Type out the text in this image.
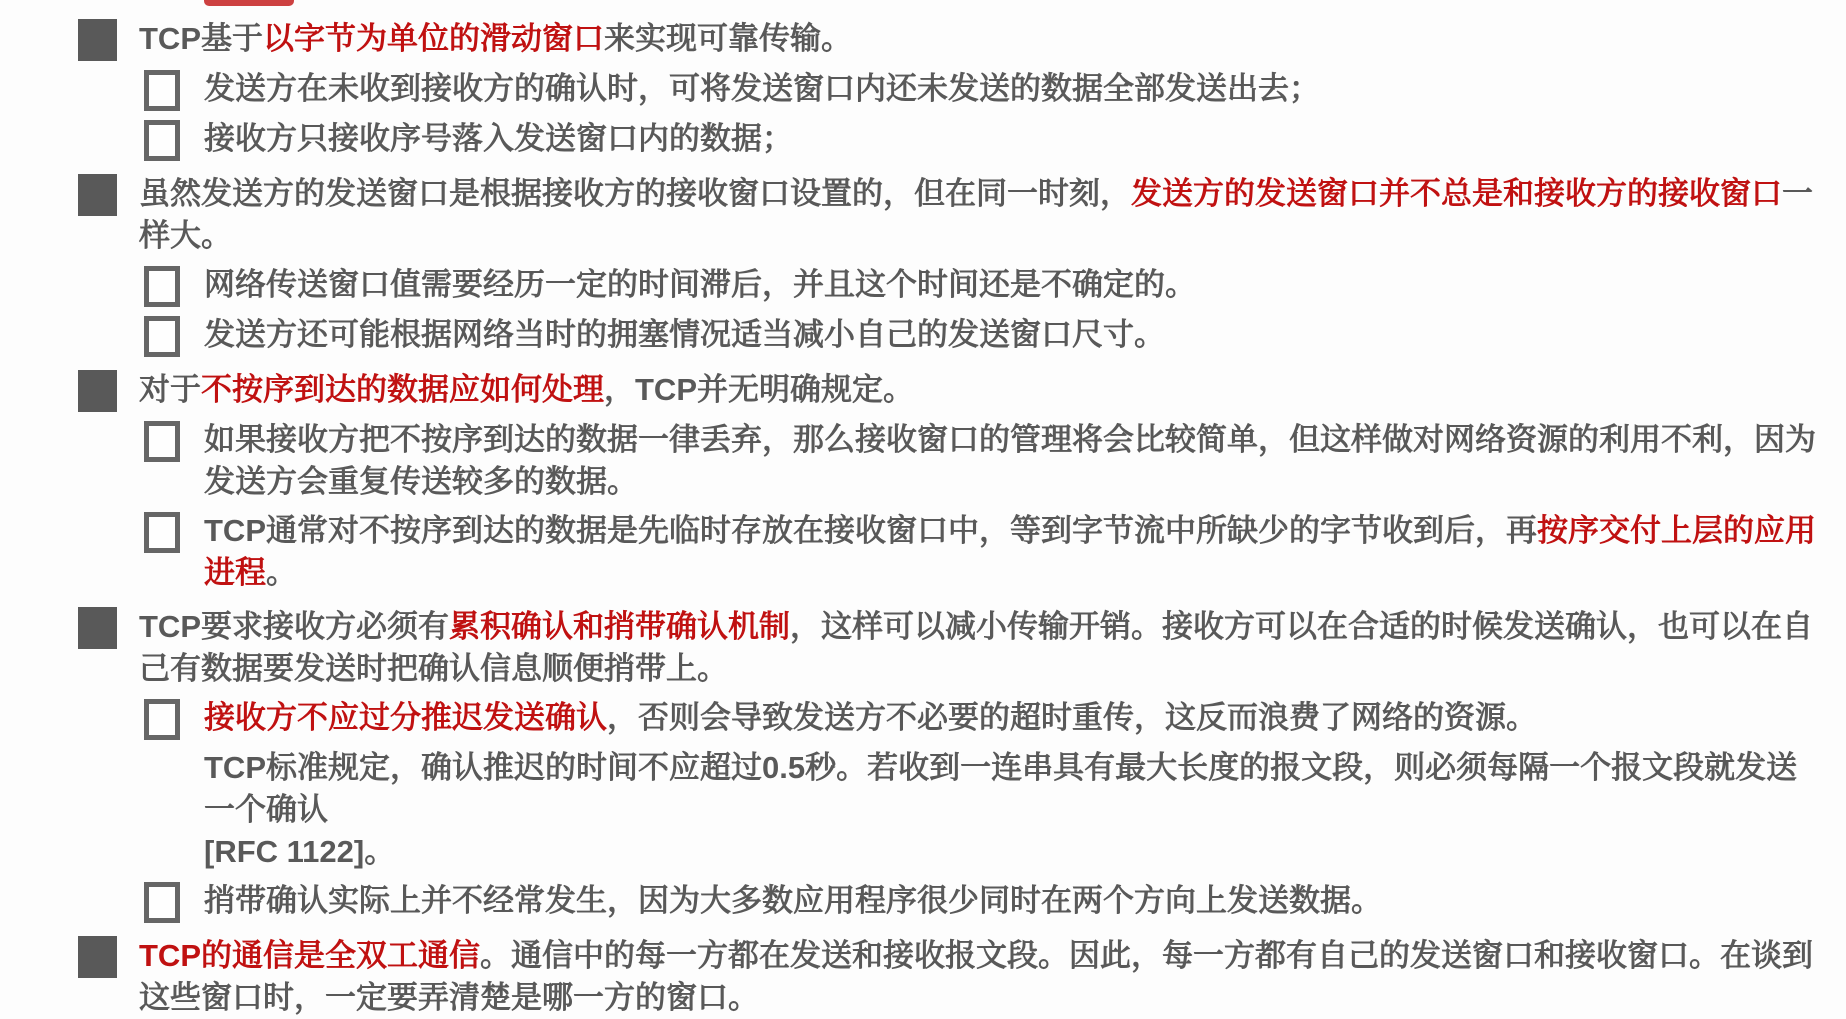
TCP基于以字节为单位的滑动窗口来实现可靠传输。
发送方在未收到接收方的确认时，可将发送窗口内还未发送的数据全部发送出去；
接收方只接收序号落入发送窗口内的数据；
虽然发送方的发送窗口是根据接收方的接收窗口设置的，但在同一时刻，发送方的发送窗口并不总是和接收方的接收窗口一样大。
网络传送窗口值需要经历一定的时间滞后，并且这个时间还是不确定的。
发送方还可能根据网络当时的拥塞情况适当减小自己的发送窗口尺寸。
对于不按序到达的数据应如何处理，TCP并无明确规定。
如果接收方把不按序到达的数据一律丢弃，那么接收窗口的管理将会比较简单，但这样做对网络资源的利用不利，因为发送方会重复传送较多的数据。
TCP通常对不按序到达的数据是先临时存放在接收窗口中，等到字节流中所缺少的字节收到后，再按序交付上层的应用进程。
TCP要求接收方必须有累积确认和捎带确认机制，这样可以减小传输开销。接收方可以在合适的时候发送确认，也可以在自己有数据要发送时把确认信息顺便捎带上。
接收方不应过分推迟发送确认，否则会导致发送方不必要的超时重传，这反而浪费了网络的资源。
TCP标准规定，确认推迟的时间不应超过0.5秒。若收到一连串具有最大长度的报文段，则必须每隔一个报文段就发送一个确认
[RFC 1122]。
捎带确认实际上并不经常发生，因为大多数应用程序很少同时在两个方向上发送数据。
TCP的通信是全双工通信。通信中的每一方都在发送和接收报文段。因此，每一方都有自己的发送窗口和接收窗口。在谈到这些窗口时，一定要弄清楚是哪一方的窗口。
